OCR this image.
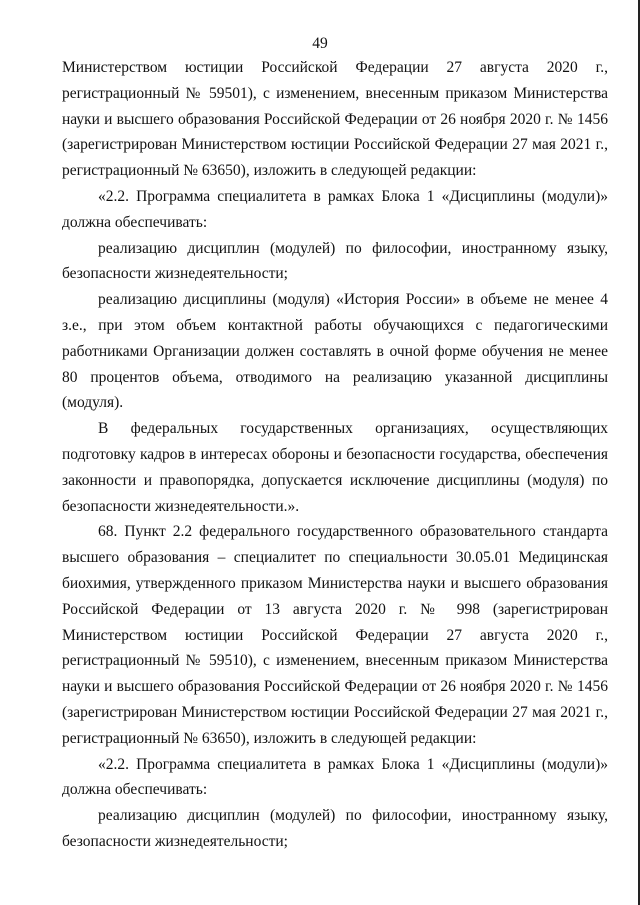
49

Министерством юстиции Российской Федерации 27 августа 2020 г., регистрационный № 59501), с изменением, внесенным приказом Министерства науки и высшего образования Российской Федерации от 26 ноября 2020 г. № 1456 (зарегистрирован Министерством юстиции Российской Федерации 27 мая 2021 г., регистрационный № 63650), изложить в следующей редакции:

«2.2. Программа специалитета в рамках Блока 1 «Дисциплины (модули)» должна обеспечивать:

реализацию дисциплин (модулей) по философии, иностранному языку, безопасности жизнедеятельности;

реализацию дисциплины (модуля) «История России» в объеме не менее 4 з.е., при этом объем контактной работы обучающихся с педагогическими работниками Организации должен составлять в очной форме обучения не менее 80 процентов объема, отводимого на реализацию указанной дисциплины (модуля).

В федеральных государственных организациях, осуществляющих подготовку кадров в интересах обороны и безопасности государства, обеспечения законности и правопорядка, допускается исключение дисциплины (модуля) по безопасности жизнедеятельности.».

68. Пункт 2.2 федерального государственного образовательного стандарта высшего образования – специалитет по специальности 30.05.01 Медицинская биохимия, утвержденного приказом Министерства науки и высшего образования Российской Федерации от 13 августа 2020 г. № 998 (зарегистрирован Министерством юстиции Российской Федерации 27 августа 2020 г., регистрационный № 59510), с изменением, внесенным приказом Министерства науки и высшего образования Российской Федерации от 26 ноября 2020 г. № 1456 (зарегистрирован Министерством юстиции Российской Федерации 27 мая 2021 г., регистрационный № 63650), изложить в следующей редакции:

«2.2. Программа специалитета в рамках Блока 1 «Дисциплины (модули)» должна обеспечивать:

реализацию дисциплин (модулей) по философии, иностранному языку, безопасности жизнедеятельности;
